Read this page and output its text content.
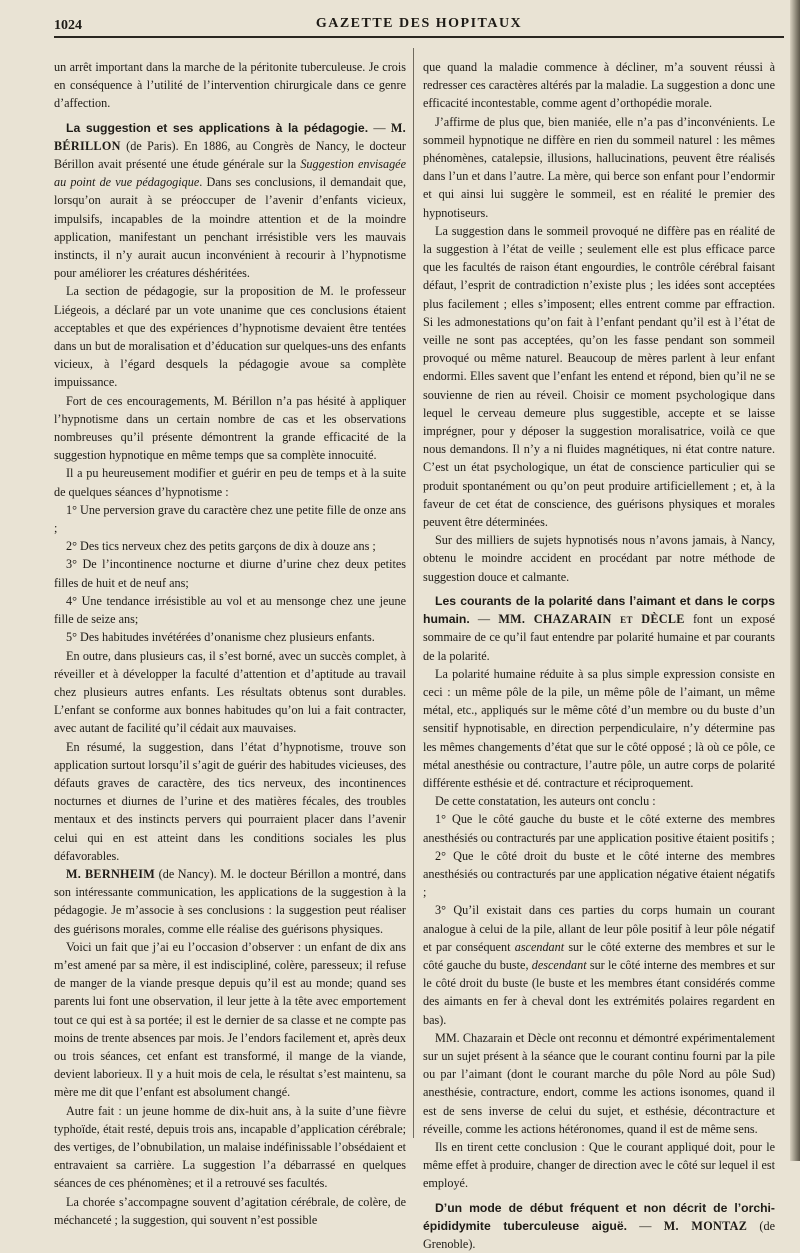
1024	GAZETTE DES HOPITAUX

un arrêt important dans la marche de la péritonite tuberculeuse. Je crois en conséquence à l’utilité de l’intervention chirurgicale dans ce genre d’affection.

La suggestion et ses applications à la pédagogie. — M. BÉRILLON (de Paris). En 1886, au Congrès de Nancy, le docteur Bérillon avait présenté une étude générale sur la Suggestion envisagée au point de vue pédagogique. Dans ses conclusions, il demandait que, lorsqu’on aurait à se préoccuper de l’avenir d’enfants vicieux, impulsifs, incapables de la moindre attention et de la moindre application, manifestant un penchant irrésistible vers les mauvais instincts, il n’y aurait aucun inconvénient à recourir à l’hypnotisme pour améliorer les créatures déshéritées.

La section de pédagogie, sur la proposition de M. le professeur Liégeois, a déclaré par un vote unanime que ces conclusions étaient acceptables et que des expériences d’hypnotisme devaient être tentées dans un but de moralisation et d’éducation sur quelques-uns des enfants vicieux, à l’égard desquels la pédagogie avoue sa complète impuissance.

Fort de ces encouragements, M. Bérillon n’a pas hésité à appliquer l’hypnotisme dans un certain nombre de cas et les observations nombreuses qu’il présente démontrent la grande efficacité de la suggestion hypnotique en même temps que sa complète innocuité.

Il a pu heureusement modifier et guérir en peu de temps et à la suite de quelques séances d’hypnotisme :

1° Une perversion grave du caractère chez une petite fille de onze ans ;

2° Des tics nerveux chez des petits garçons de dix à douze ans ;

3° De l’incontinence nocturne et diurne d’urine chez deux petites filles de huit et de neuf ans;

4° Une tendance irrésistible au vol et au mensonge chez une jeune fille de seize ans;

5° Des habitudes invétérées d’onanisme chez plusieurs enfants.

En outre, dans plusieurs cas, il s’est borné, avec un succès complet, à réveiller et à développer la faculté d’attention et d’aptitude au travail chez plusieurs autres enfants. Les résultats obtenus sont durables. L’enfant se conforme aux bonnes habitudes qu’on lui a fait contracter, avec autant de facilité qu’il cédait aux mauvaises.

En résumé, la suggestion, dans l’état d’hypnotisme, trouve son application surtout lorsqu’il s’agit de guérir des habitudes vicieuses, des défauts graves de caractère, des tics nerveux, des incontinences nocturnes et diurnes de l’urine et des matières fécales, des troubles mentaux et des instincts pervers qui pourraient placer dans l’avenir celui qui en est atteint dans les conditions sociales les plus défavorables.

M. BERNHEIM (de Nancy). M. le docteur Bérillon a montré, dans son intéressante communication, les applications de la suggestion à la pédagogie. Je m’associe à ses conclusions : la suggestion peut réaliser des guérisons morales, comme elle réalise des guérisons physiques.

Voici un fait que j’ai eu l’occasion d’observer : un enfant de dix ans m’est amené par sa mère, il est indiscipliné, colère, paresseux; il refuse de manger de la viande presque depuis qu’il est au monde; quand ses parents lui font une observation, il leur jette à la tête avec emportement tout ce qui est à sa portée; il est le dernier de sa classe et ne compte pas moins de trente absences par mois. Je l’endors facilement et, après deux ou trois séances, cet enfant est transformé, il mange de la viande, devient laborieux. Il y a huit mois de cela, le résultat s’est maintenu, sa mère me dit que l’enfant est absolument changé.

Autre fait : un jeune homme de dix-huit ans, à la suite d’une fièvre typhoïde, était resté, depuis trois ans, incapable d’application cérébrale; des vertiges, de l’obnubilation, un malaise indéfinissable l’obsédaient et entravaient sa carrière. La suggestion l’a débarrassé en quelques séances de ces phénomènes; et il a retrouvé ses facultés.

La chorée s’accompagne souvent d’agitation cérébrale, de colère, de méchanceté ; la suggestion, qui souvent n’est possible

que quand la maladie commence à décliner, m’a souvent réussi à redresser ces caractères altérés par la maladie. La suggestion a donc une efficacité incontestable, comme agent d’orthopédie morale.

J’affirme de plus que, bien maniée, elle n’a pas d’inconvénients. Le sommeil hypnotique ne diffère en rien du sommeil naturel : les mêmes phénomènes, catalepsie, illusions, hallucinations, peuvent être réalisés dans l’un et dans l’autre. La mère, qui berce son enfant pour l’endormir et qui ainsi lui suggère le sommeil, est en réalité le premier des hypnotiseurs.

La suggestion dans le sommeil provoqué ne diffère pas en réalité de la suggestion à l’état de veille ; seulement elle est plus efficace parce que les facultés de raison étant engourdies, le contrôle cérébral faisant défaut, l’esprit de contradiction n’existe plus ; les idées sont acceptées plus facilement ; elles s’imposent; elles entrent comme par effraction. Si les admonestations qu’on fait à l’enfant pendant qu’il est à l’état de veille ne sont pas acceptées, qu’on les fasse pendant son sommeil provoqué ou même naturel. Beaucoup de mères parlent à leur enfant endormi. Elles savent que l’enfant les entend et répond, bien qu’il ne se souvienne de rien au réveil. Choisir ce moment psychologique dans lequel le cerveau demeure plus suggestible, accepte et se laisse imprégner, pour y déposer la suggestion moralisatrice, voilà ce que nous demandons. Il n’y a ni fluides magnétiques, ni état contre nature. C’est un état psychologique, un état de conscience particulier qui se produit spontanément ou qu’on peut produire artificiellement ; et, à la faveur de cet état de conscience, des guérisons physiques et morales peuvent être déterminées.

Sur des milliers de sujets hypnotisés nous n’avons jamais, à Nancy, obtenu le moindre accident en procédant par notre méthode de suggestion douce et calmante.

Les courants de la polarité dans l’aimant et dans le corps humain. — MM. CHAZARAIN et DÈCLE font un exposé sommaire de ce qu’il faut entendre par polarité humaine et par courants de la polarité.

La polarité humaine réduite à sa plus simple expression consiste en ceci : un même pôle de la pile, un même pôle de l’aimant, un même métal, etc., appliqués sur le même côté d’un membre ou du buste d’un sensitif hypnotisable, en direction perpendiculaire, n’y détermine pas les mêmes changements d’état que sur le côté opposé ; là où ce pôle, ce métal anesthésie ou contracture, l’autre pôle, un autre corps de polarité différente esthésie et dé. contracture et réciproquement.

De cette constatation, les auteurs ont conclu :

1° Que le côté gauche du buste et le côté externe des membres anesthésiés ou contracturés par une application positive étaient positifs ;

2° Que le côté droit du buste et le côté interne des membres anesthésiés ou contracturés par une application négative étaient négatifs ;

3° Qu’il existait dans ces parties du corps humain un courant analogue à celui de la pile, allant de leur pôle positif à leur pôle négatif et par conséquent ascendant sur le côté externe des membres et sur le côté gauche du buste, descendant sur le côté interne des membres et sur le côté droit du buste (le buste et les membres étant considérés comme des aimants en fer à cheval dont les extrémités polaires regardent en bas).

MM. Chazarain et Dècle ont reconnu et démontré expérimentalement sur un sujet présent à la séance que le courant continu fourni par la pile ou par l’aimant (dont le courant marche du pôle Nord au pôle Sud) anesthésie, contracture, endort, comme les actions isonomes, quand il est de sens inverse de celui du sujet, et esthésie, décontracture et réveille, comme les actions hétéronomes, quand il est de même sens.

Ils en tirent cette conclusion : Que le courant appliqué doit, pour le même effet à produire, changer de direction avec le côté sur lequel il est employé.

D’un mode de début fréquent et non décrit de l’orchi-épididymite tuberculeuse aiguë. — M. MONTAZ (de Grenoble).
